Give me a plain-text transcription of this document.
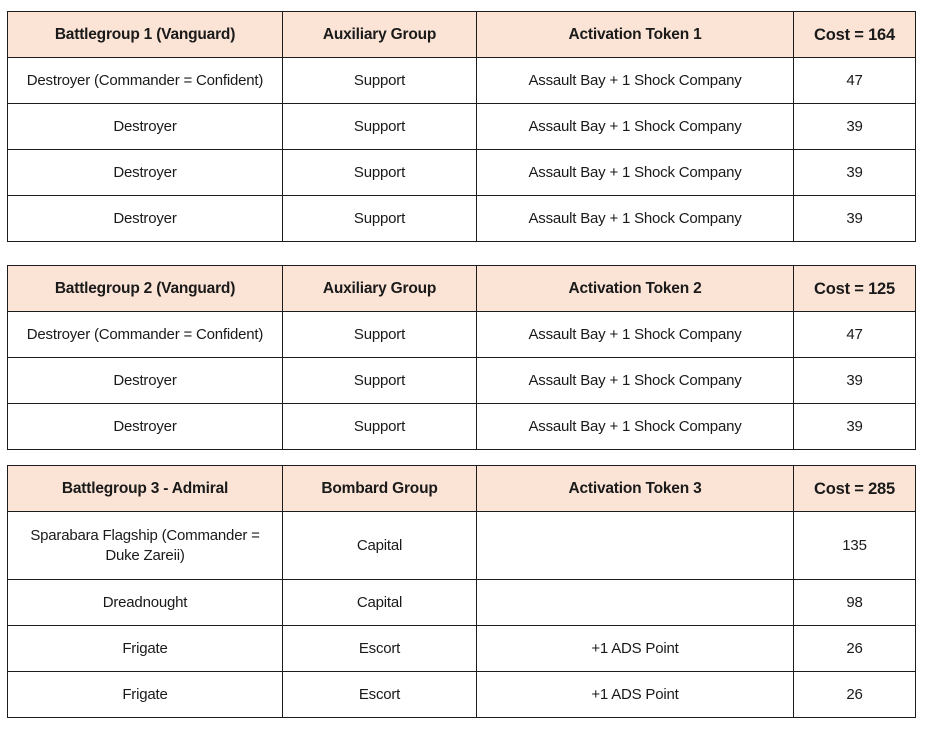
Battlegroup 1 (Vanguard)	Auxiliary Group	Activation Token 1	Cost = 164
Destroyer (Commander = Confident)	Support	Assault Bay + 1 Shock Company	47
Destroyer	Support	Assault Bay + 1 Shock Company	39
Destroyer	Support	Assault Bay + 1 Shock Company	39
Destroyer	Support	Assault Bay + 1 Shock Company	39
Battlegroup 2 (Vanguard)	Auxiliary Group	Activation Token 2	Cost = 125
Destroyer (Commander = Confident)	Support	Assault Bay + 1 Shock Company	47
Destroyer	Support	Assault Bay + 1 Shock Company	39
Destroyer	Support	Assault Bay + 1 Shock Company	39
Battlegroup 3 - Admiral	Bombard Group	Activation Token 3	Cost = 285
Sparabara Flagship (Commander = Duke Zareii)	Capital		135
Dreadnought	Capital		98
Frigate	Escort	+1 ADS Point	26
Frigate	Escort	+1 ADS Point	26
